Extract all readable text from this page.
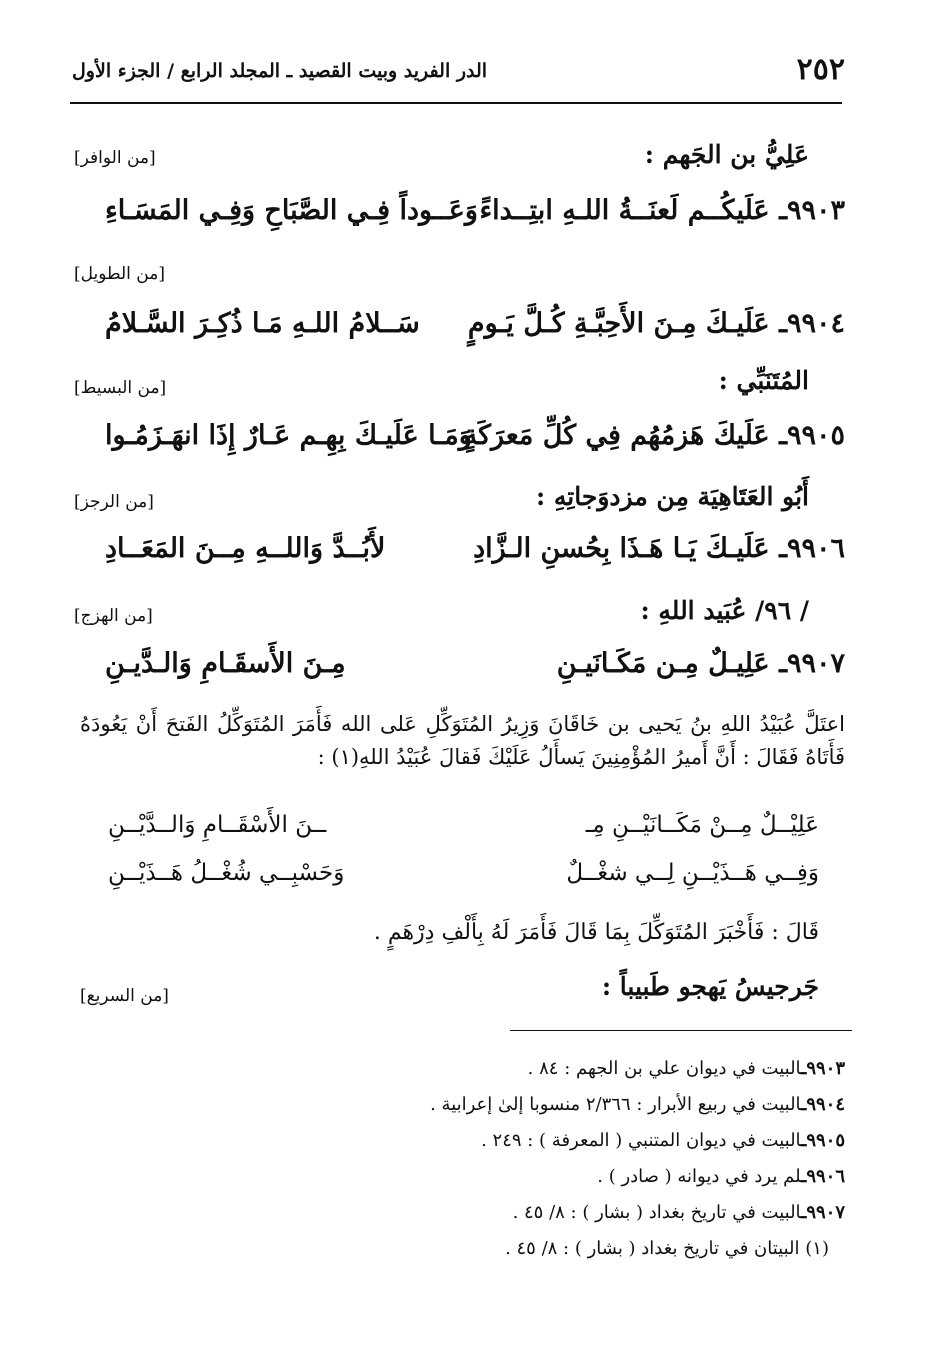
٢٥٢
الدر الفريد وبيت القصيد ـ المجلد الرابع / الجزء الأول
عَلِيُّ بن الجَهم :
[من الوافر]
٩٩٠٣ـ عَلَيكُــم لَعنَــةُ اللـهِ ابتِــداءً
وَعَــوداً فِـي الصَّبَاحِ وَفِـي المَسَـاءِ
[من الطويل]
٩٩٠٤ـ عَلَيـكَ مِـنَ الأَحِبَّـةِ كُـلَّ يَـومٍ
سَــلامُ اللـهِ مَـا ذُكِـرَ السَّـلامُ
المُتَنَبِّي :
[من البسيط]
٩٩٠٥ـ عَلَيكَ هَزمُهُم فِي كُلِّ مَعرَكَةٍ
وَمَـا عَلَيـكَ بِهِـم عَـارٌ إِذَا انهَـزَمُـوا
أَبُو العَتَاهِيَة مِن مزدوَجاتِهِ :
[من الرجز]
٩٩٠٦ـ عَلَيـكَ يَـا هَـذَا بِحُسنِ الـزَّادِ
لأَبُــدَّ وَاللــهِ مِــنَ المَعَــادِ
/ ٩٦/ عُبَيد اللهِ :
[من الهزج]
٩٩٠٧ـ عَلِيـلٌ مِـن مَكَـانَيـنِ
مِـنَ الأَسقَـامِ وَالـدَّيـنِ
اعتَلَّ عُبَيْدُ اللهِ بنُ يَحيى بن خَاقَانَ وَزِيرُ المُتَوَكِّلِ عَلى الله فَأَمَرَ المُتَوَكِّلُ الفَتحَ أَنْ يَعُودَهُ فَأَتَاهُ فَقَالَ : أَنَّ أَميرُ المُؤْمِنِينَ يَسأَلُ عَلَيْكَ فَقالَ عُبَيْدُ اللهِ(١) :
عَلِيْــلٌ مِــنْ مَكَــانَيْــنِ مِـ
ــنَ الأَسْقَــامِ وَالــدَّيْــنِ
وَفِــي هَــذَيْــنِ لِــي شغْــلٌ
وَحَسْبِــي شُغْــلُ هَــذَيْــنِ
قَالَ : فَأَخْبَرَ المُتَوَكِّلَ بِمَا قَالَ فَأَمَرَ لَهُ بِأَلْفِ دِرْهَمٍ .
جَرجيسُ يَهجو طَبيباً :
[من السريع]
٩٩٠٣ـالبيت في ديوان علي بن الجهم : ٨٤ .
٩٩٠٤ـالبيت في ربيع الأبرار : ٢/٣٦٦ منسوبا إلىٰ إعرابية .
٩٩٠٥ـالبيت في ديوان المتنبي ( المعرفة ) : ٢٤٩ .
٩٩٠٦ـلم يرد في ديوانه ( صادر ) .
٩٩٠٧ـالبيت في تاريخ بغداد ( بشار ) : ٨/ ٤٥ .
(١) البيتان في تاريخ بغداد ( بشار ) : ٨/ ٤٥ .
